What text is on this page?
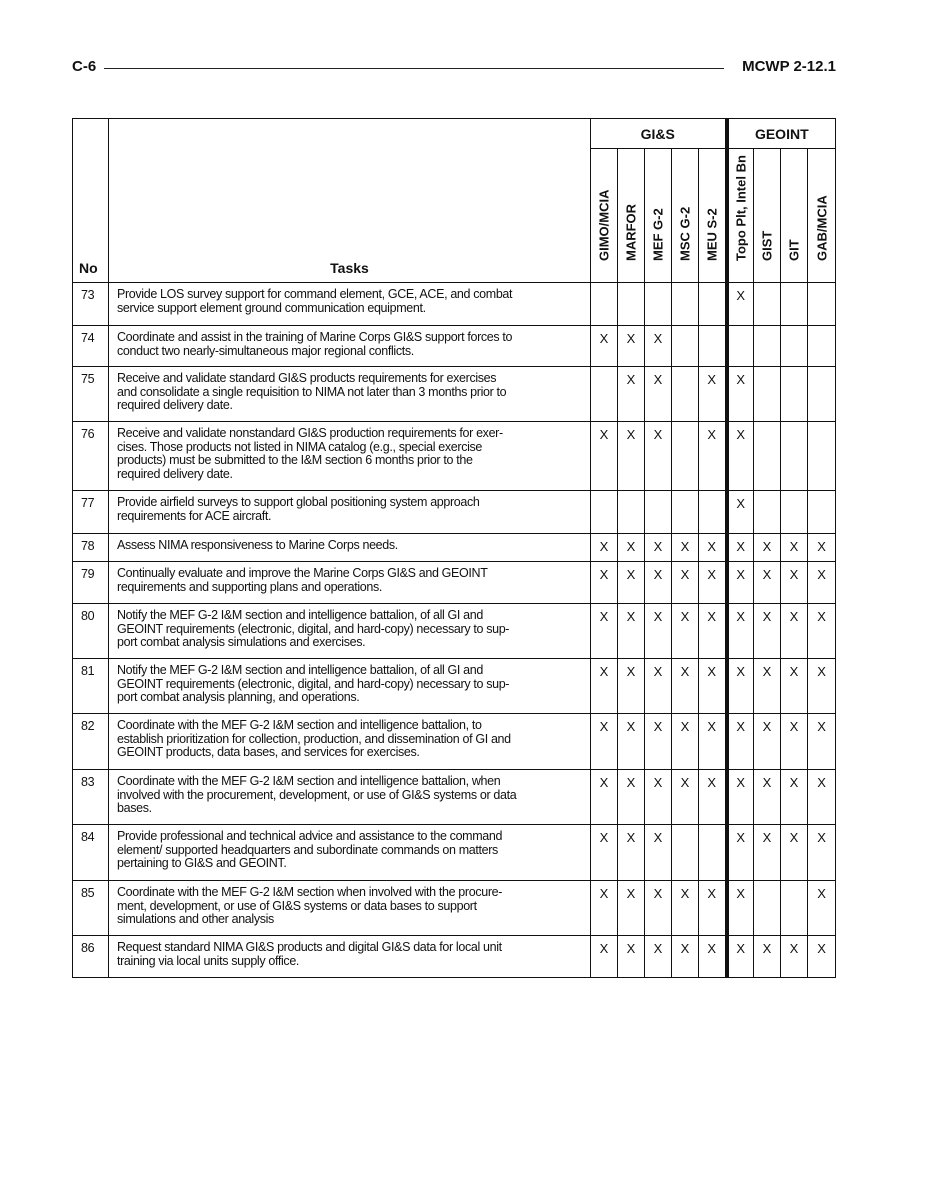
C-6	MCWP 2-12.1
No	Tasks	GI&S					GEOINT			

		GIMO/MCIA	MARFOR	MEF G-2	MSC G-2	MEU S-2	Topo Plt, Intel Bn	GIST	GIT	GAB/MCIA

73	Provide LOS survey support for command element, GCE, ACE, and combat
service support element ground communication equipment.						X			
74	Coordinate and assist in the training of Marine Corps GI&S support forces to
conduct two nearly-simultaneous major regional conflicts.	X	X	X						
75	Receive and validate standard GI&S products requirements for exercises
and consolidate a single requisition to NIMA not later than 3 months prior to
required delivery date.		X	X		X	X			
76	Receive and validate nonstandard GI&S production requirements for exer-
cises. Those products not listed in NIMA catalog (e.g., special exercise
products) must be submitted to the I&M section 6 months prior to the
required delivery date.	X	X	X		X	X			
77	Provide airfield surveys to support global positioning system approach
requirements for ACE aircraft.						X			
78	Assess NIMA responsiveness to Marine Corps needs.	X	X	X	X	X	X	X	X	X
79	Continually evaluate and improve the Marine Corps GI&S and GEOINT
requirements and supporting plans and operations.	X	X	X	X	X	X	X	X	X
80	Notify the MEF G-2 I&M section and intelligence battalion, of all GI and
GEOINT requirements (electronic, digital, and hard-copy) necessary to sup-
port combat analysis simulations and exercises.	X	X	X	X	X	X	X	X	X
81	Notify the MEF G-2 I&M section and intelligence battalion, of all GI and
GEOINT requirements (electronic, digital, and hard-copy) necessary to sup-
port combat analysis planning, and operations.	X	X	X	X	X	X	X	X	X
82	Coordinate with the MEF G-2 I&M section and intelligence battalion, to
establish prioritization for collection, production, and dissemination of GI and
GEOINT products, data bases, and services for exercises.	X	X	X	X	X	X	X	X	X
83	Coordinate with the MEF G-2 I&M section and intelligence battalion, when
involved with the procurement, development, or use of GI&S systems or data
bases.	X	X	X	X	X	X	X	X	X
84	Provide professional and technical advice and assistance to the command
element/ supported headquarters and subordinate commands on matters
pertaining to GI&S and GEOINT.	X	X	X			X	X	X	X
85	Coordinate with the MEF G-2 I&M section when involved with the procure-
ment, development, or use of GI&S systems or data bases to support
simulations and other analysis	X	X	X	X	X	X			X
86	Request standard NIMA GI&S products and digital GI&S data for local unit
training via local units supply office.	X	X	X	X	X	X	X	X	X
